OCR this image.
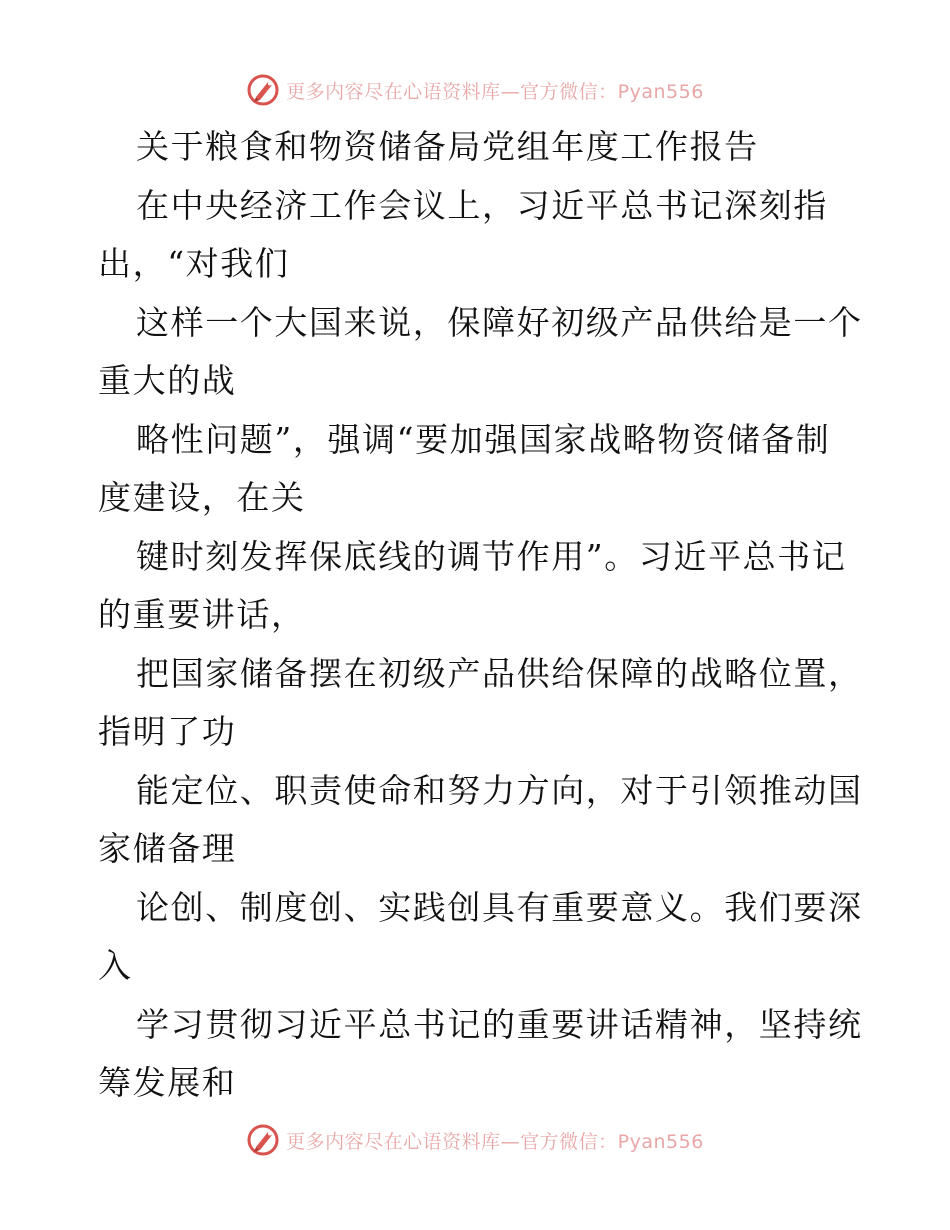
更多内容尽在心语资料库—官方微信：Pyan556
关于粮食和物资储备局党组年度工作报告
在中央经济工作会议上，习近平总书记深刻指
出，“对我们
这样一个大国来说，保障好初级产品供给是一个
重大的战
略性问题”，强调“要加强国家战略物资储备制
度建设，在关
键时刻发挥保底线的调节作用”。习近平总书记
的重要讲话，
把国家储备摆在初级产品供给保障的战略位置，
指明了功
能定位、职责使命和努力方向，对于引领推动国
家储备理
论创、制度创、实践创具有重要意义。我们要深
入
学习贯彻习近平总书记的重要讲话精神，坚持统
筹发展和
更多内容尽在心语资料库—官方微信：Pyan556
